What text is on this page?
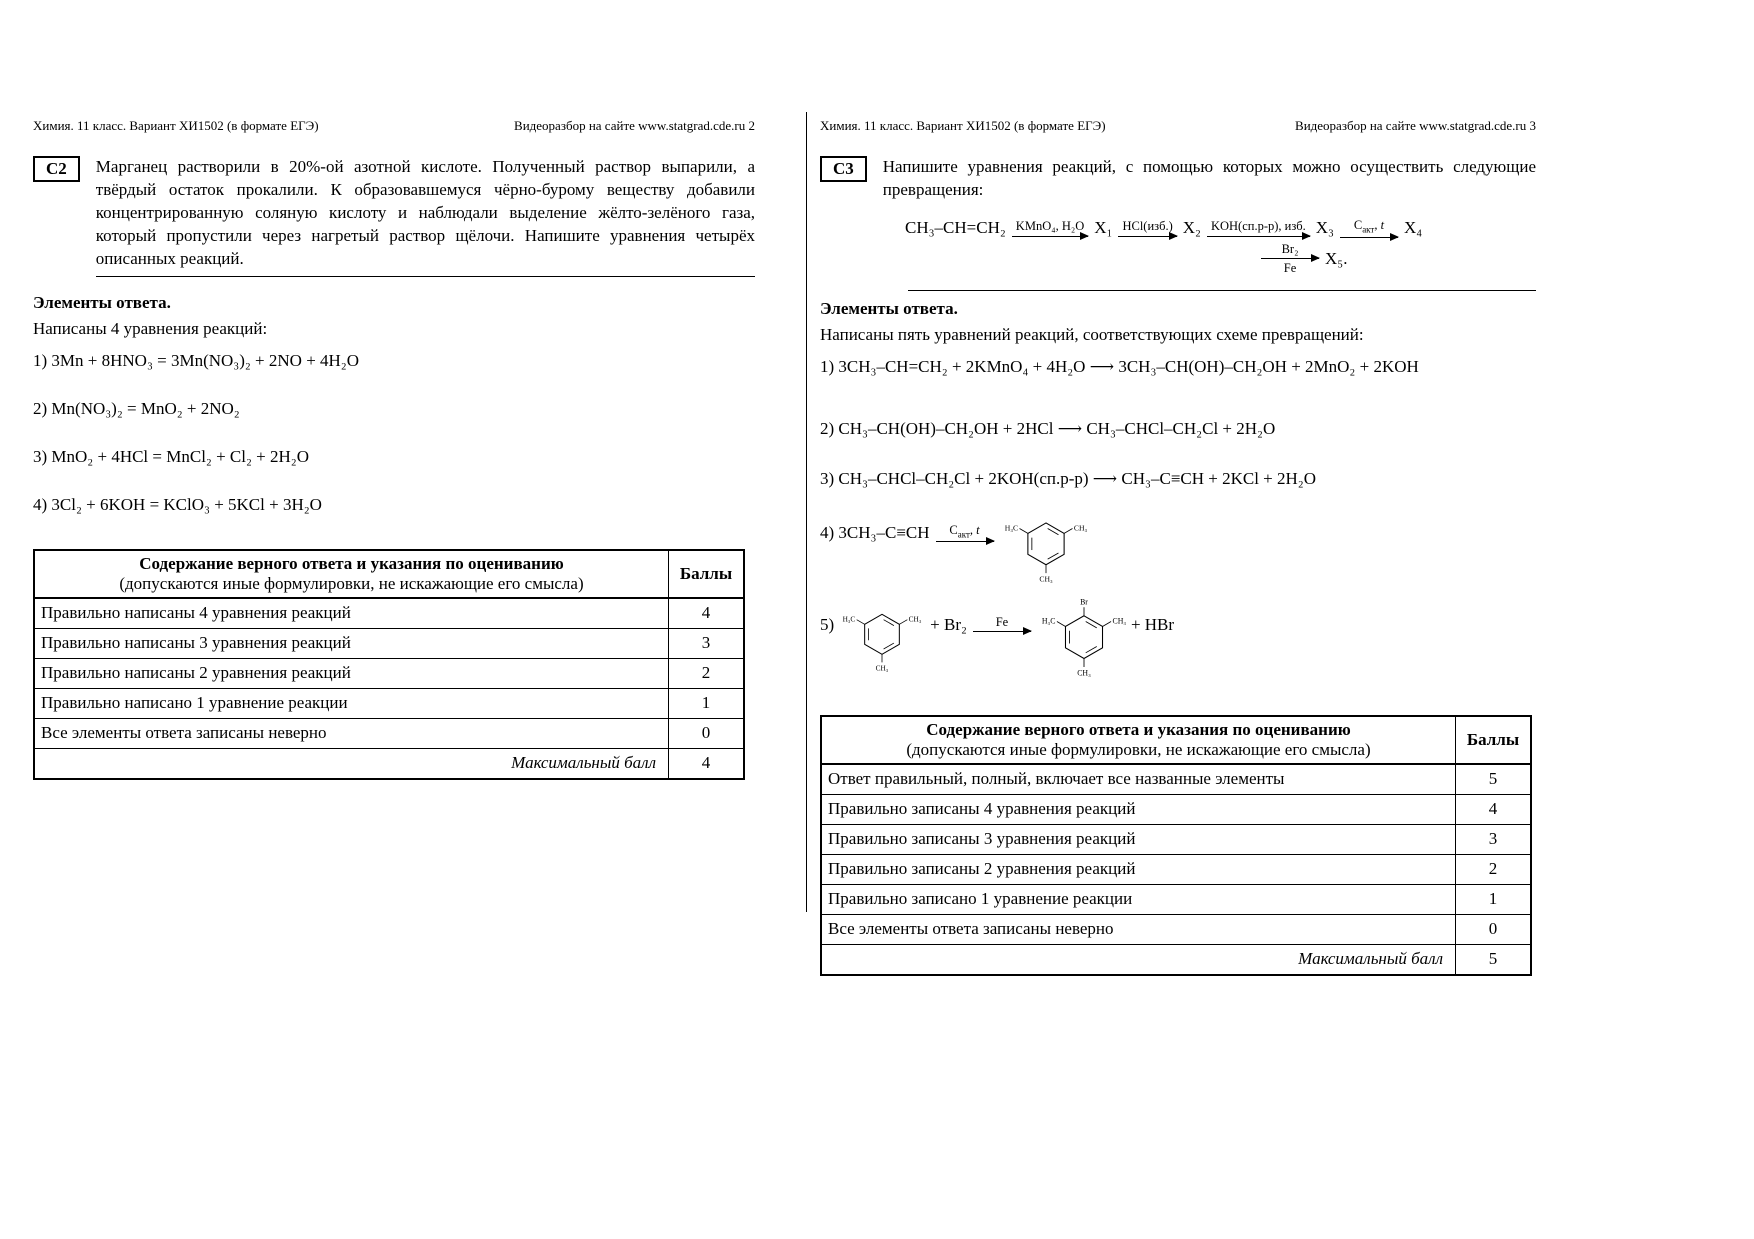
Химия. 11 класс. Вариант ХИ1502 (в формате ЕГЭ)	Видеоразбор на сайте www.statgrad.cde.ru 2
С2	Марганец растворили в 20%-ой азотной кислоте. Полученный раствор выпарили, а твёрдый остаток прокалили. К образовавшемуся чёрно-бурому веществу добавили концентрированную соляную кислоту и наблюдали выделение жёлто-зелёного газа, который пропустили через нагретый раствор щёлочи. Напишите уравнения четырёх описанных реакций.

Элементы ответа.

Написаны 4 уравнения реакций:

1) 3Mn + 8HNO₃ = 3Mn(NO₃)₂ + 2NO + 4H₂O
2) Mn(NO₃)₂ = MnO₂ + 2NO₂
3) MnO₂ + 4HCl = MnCl₂ + Cl₂ + 2H₂O
4) 3Cl₂ + 6KOH = KClO₃ + 5KCl + 3H₂O
Содержание верного ответа и указания по оцениванию
(допускаются иные формулировки, не искажающие его смысла)	Баллы
Правильно написаны 4 уравнения реакций	4
Правильно написаны 3 уравнения реакций	3
Правильно написаны 2 уравнения реакций	2
Правильно написано 1 уравнение реакции	1
Все элементы ответа записаны неверно	0
Максимальный балл	4
Химия. 11 класс. Вариант ХИ1502 (в формате ЕГЭ)	Видеоразбор на сайте www.statgrad.cde.ru 3
С3	Напишите уравнения реакций, с помощью которых можно осуществить следующие превращения:

CH₃–CH=CH₂ KMnO₄, H₂O X₁ HCl(изб.) X₂ KOH(сп.р-р), изб. X₃	$C_{акт}$, t X₄
Br₂
Fe
X₅.
Элементы ответа.

Написаны пять уравнений реакций, соответствующих схеме превращений:

1) 3CH₃–CH=CH₂ + 2KMnO₄ + 4H₂O ⟶ 3CH₃–CH(OH)–CH₂OH + 2MnO₂ + 2KOH
2) CH₃–CH(OH)–CH₂OH + 2HCl ⟶ CH₃–CHCl–CH₂Cl + 2H₂O
3) CH₃–CHCl–CH₂Cl + 2KOH(сп.р-р) ⟶ CH₃–C≡CH + 2KCl + 2H₂O
4) 3CH₃–C≡CH	$C_{акт}$, t	H₃C	CH₃
CH₃
5) H₃C	CH₃
CH₃
+ Br₂	Fe
Br
H₃C	CH₃
CH₃
+ HBr
Содержание верного ответа и указания по оцениванию
(допускаются иные формулировки, не искажающие его смысла)	Баллы
Ответ правильный, полный, включает все названные элементы	5
Правильно записаны 4 уравнения реакций	4
Правильно записаны 3 уравнения реакций	3
Правильно записаны 2 уравнения реакций	2
Правильно записано 1 уравнение реакции	1
Все элементы ответа записаны неверно	0
Максимальный балл	5
